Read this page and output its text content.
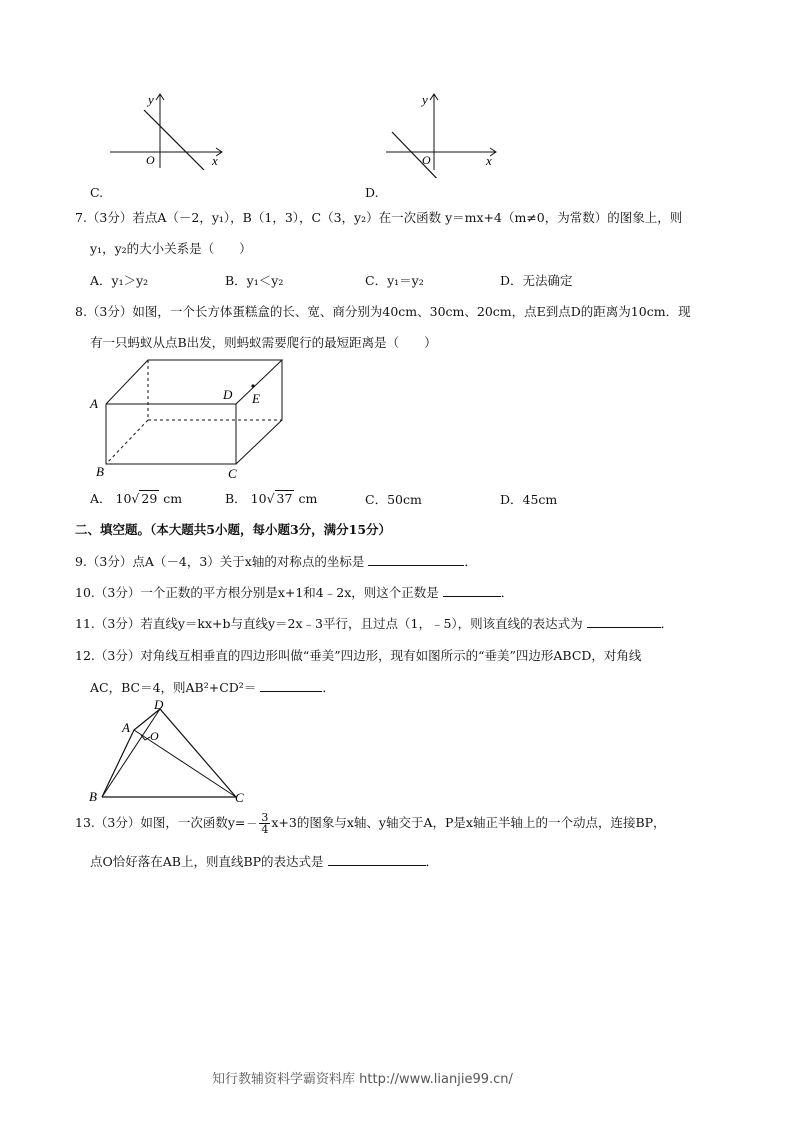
y
x
O
C.
y
x
O
D.
7.（3分）若点A（－2，y₁），B（1，3），C（3，y₂）在一次函数 y＝mx+4（m≠0，为常数）的图象上，则
y₁，y₂的大小关系是（　　）
A．y₁＞y₂	B．y₁＜y₂	C．y₁＝y₂	D．无法确定
8.（3分）如图，一个长方体蛋糕盒的长、宽、商分别为40cm、30cm、20cm，点E到点D的距离为10cm．现
有一只蚂蚁从点B出发，则蚂蚁需要爬行的最短距离是（　　）
A
B	C
D E
A． 10√ 29 cm	B． 10√ 37 cm	C．50cm	D．45cm
二、填空题。（本大题共5小题，每小题3分，满分15分）
9.（3分）点A（－4，3）关于x轴的对称点的坐标是	．
10.（3分）一个正数的平方根分别是x+1和4﹣2x，则这个正数是	．
11.（3分）若直线y＝kx+b与直线y＝2x﹣3平行，且过点（1，﹣5），则该直线的表达式为	．
12.（3分）对角线互相垂直的四边形叫做“垂美”四边形，现有如图所示的“垂美”四边形ABCD，对角线
AC，BC＝4，则AB²+CD²＝	．
A
D
O
B	C
13.（3分）如图，一次函数$y= - \frac{3}{4} x+3$的图象与x轴、y轴交于A，P是x轴正半轴上的一个动点，连接BP，
点O恰好落在AB上，则直线BP的表达式是	．
知行教辅资料学霸资料库 http://www.lianjie99.cn/
